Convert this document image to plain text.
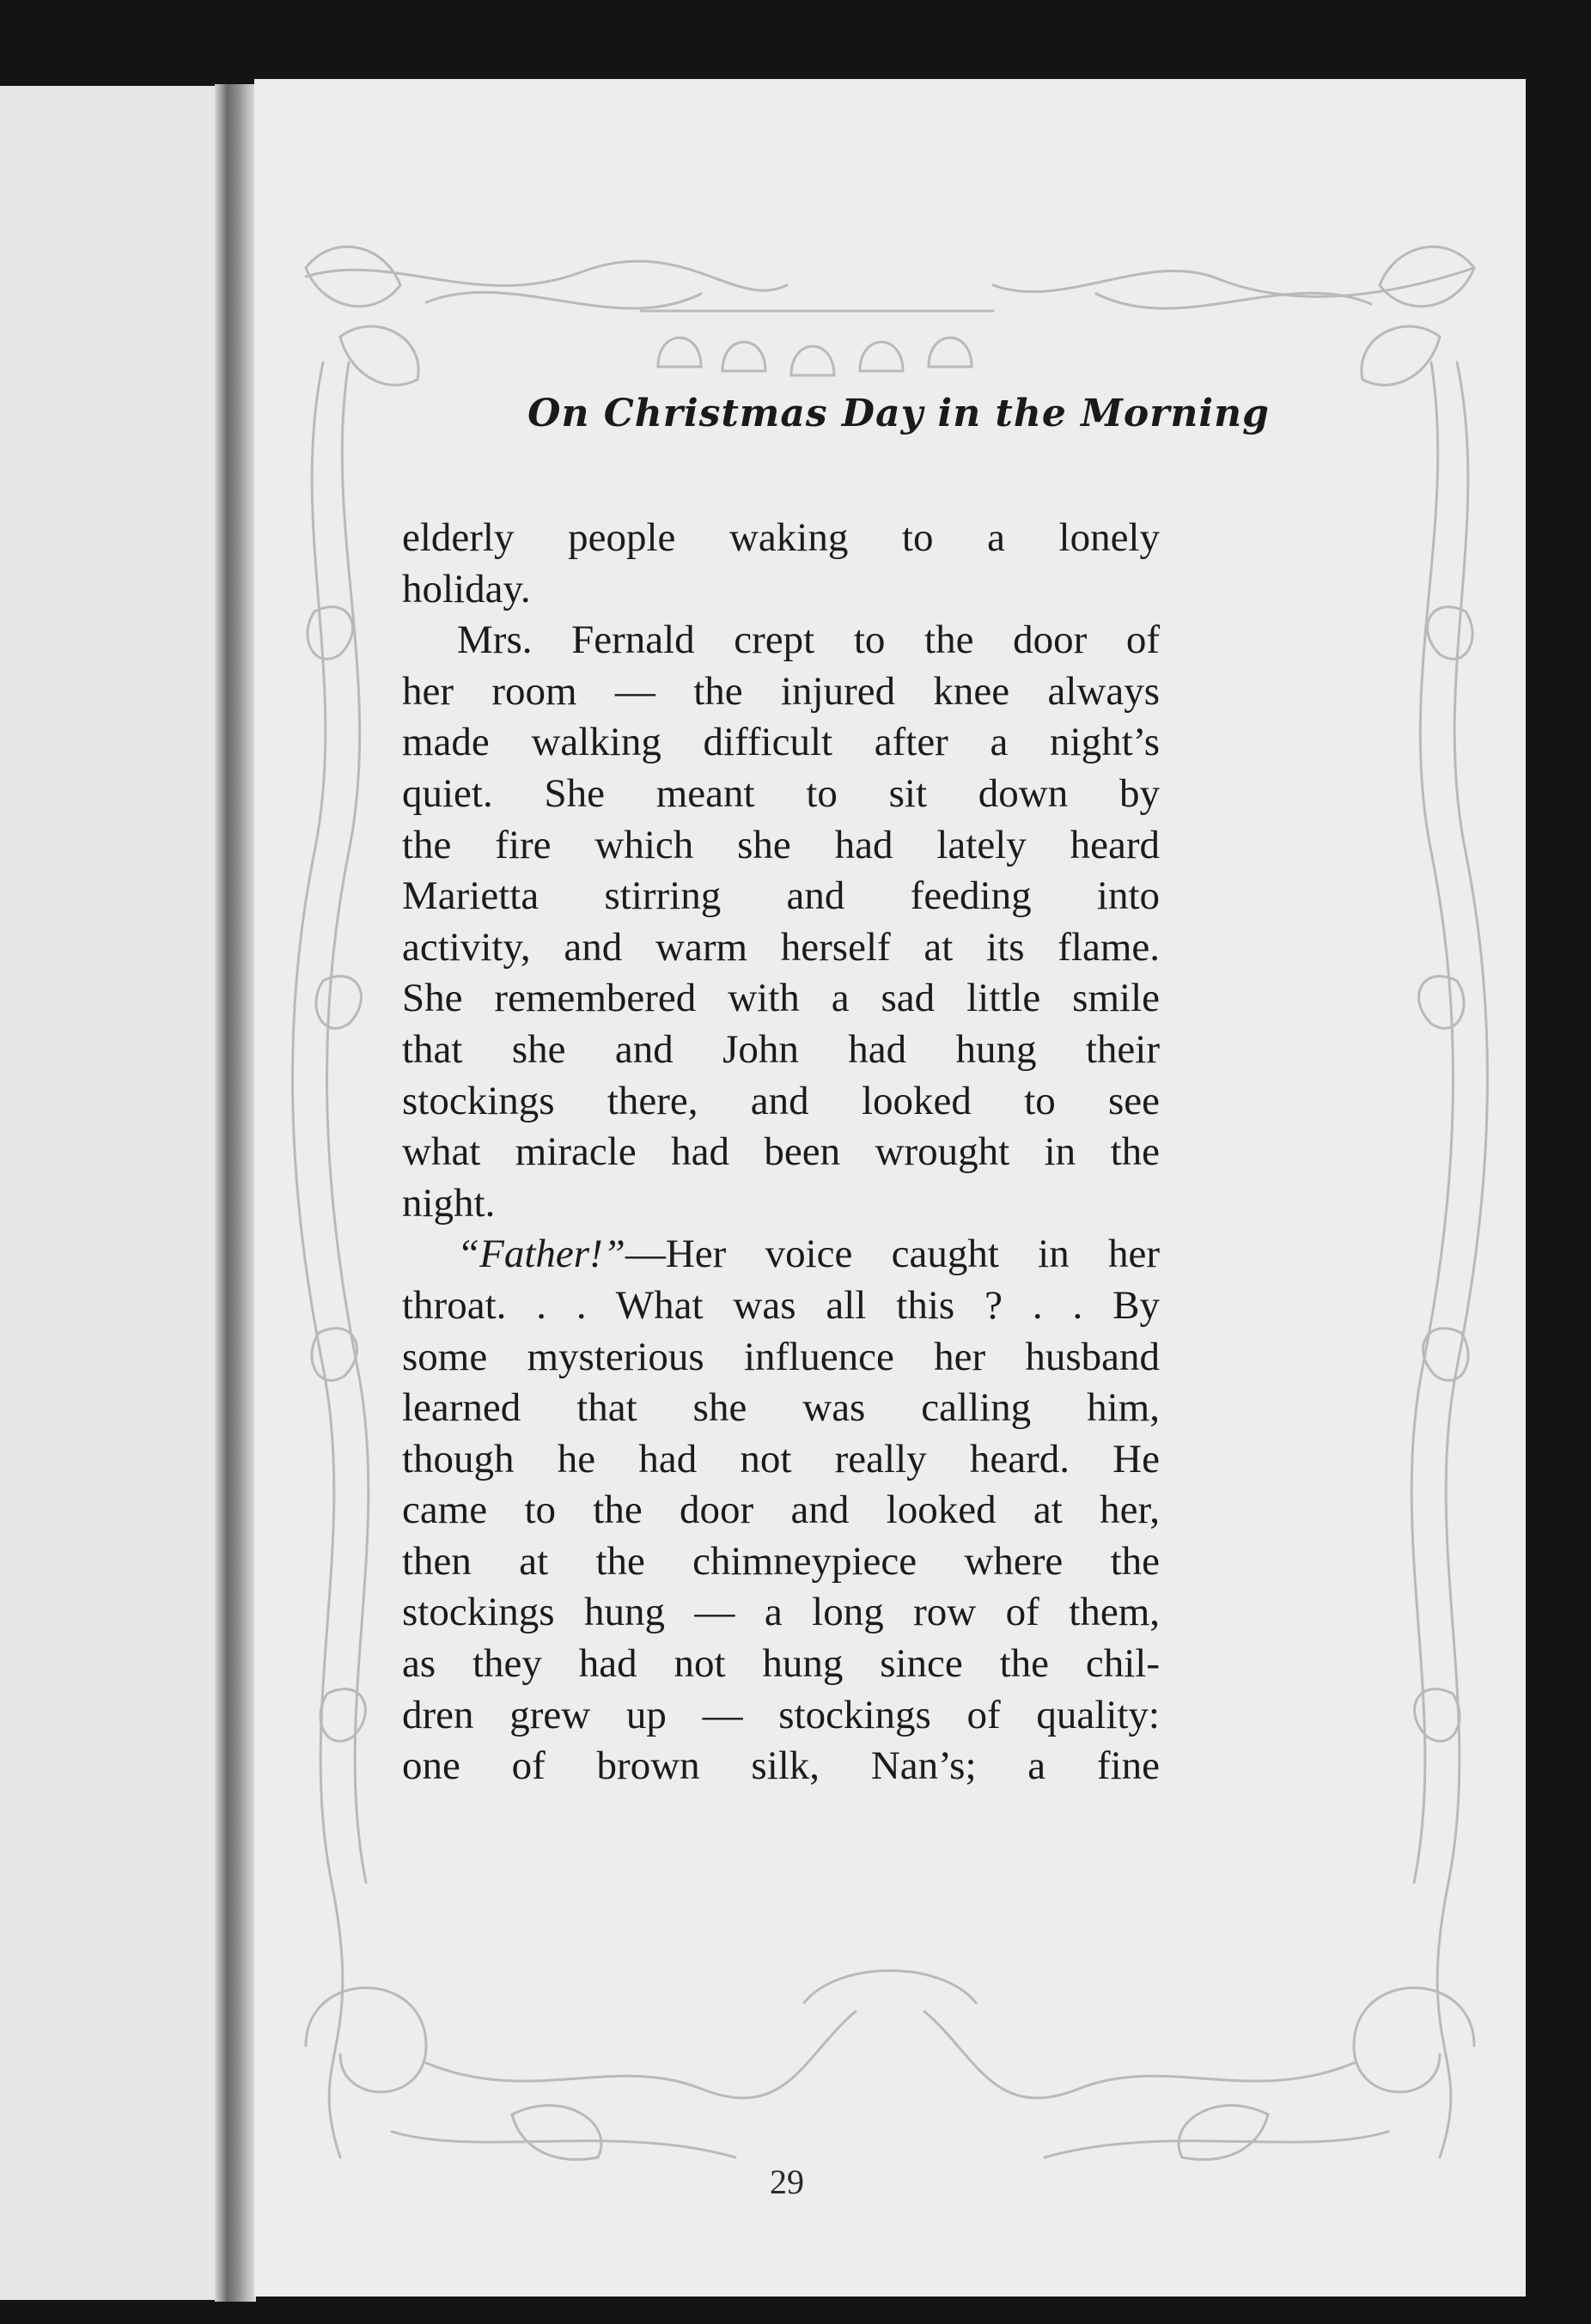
On Christmas Day in the Morning
elderly people waking to a lonely
holiday.
Mrs. Fernald crept to the door of
her room — the injured knee always
made walking difficult after a night’s
quiet. She meant to sit down by
the fire which she had lately heard
Marietta stirring and feeding into
activity, and warm herself at its flame.
She remembered with a sad little smile
that she and John had hung their
stockings there, and looked to see
what miracle had been wrought in the
night.
“Father!”—Her voice caught in her
throat. . . What was all this ? . . By
some mysterious influence her husband
learned that she was calling him,
though he had not really heard. He
came to the door and looked at her,
then at the chimneypiece where the
stockings hung — a long row of them,
as they had not hung since the chil-
dren grew up — stockings of quality:
one of brown silk, Nan’s; a fine
29
